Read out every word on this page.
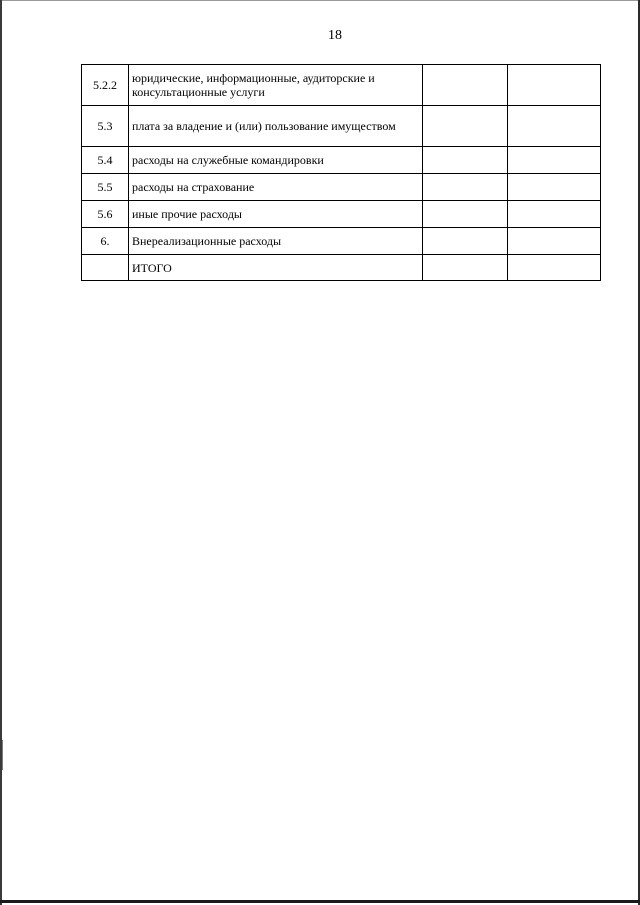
18
5.2.2	юридические, информационные, аудиторские и консультационные услуги		
5.3	плата за владение и (или) пользование имуществом		
5.4	расходы на служебные командировки		
5.5	расходы на страхование		
5.6	иные прочие расходы		
6.	Внереализационные расходы		
	ИТОГО		
